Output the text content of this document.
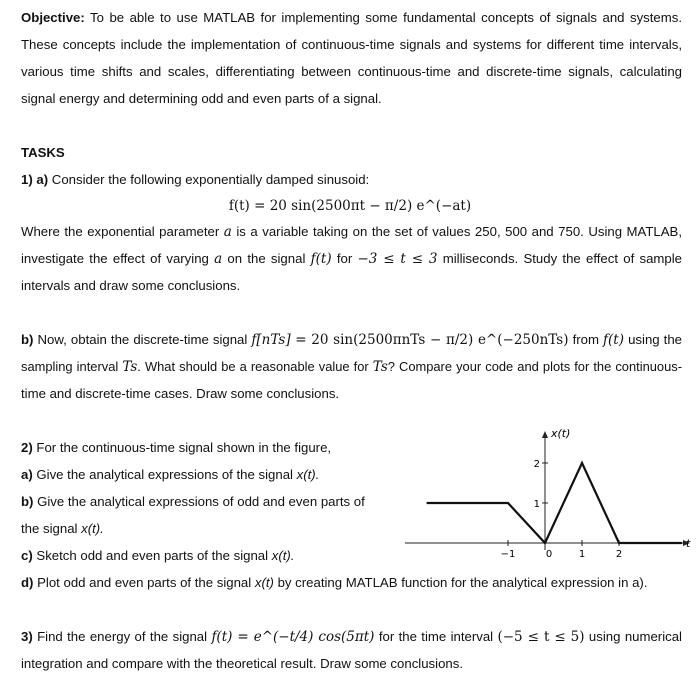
Objective: To be able to use MATLAB for implementing some fundamental concepts of signals and systems.
These concepts include the implementation of continuous-time signals and systems for different time intervals,
various time shifts and scales, differentiating between continuous-time and discrete-time signals, calculating
signal energy and determining odd and even parts of a signal.
TASKS
1) a) Consider the following exponentially damped sinusoid:
f(t) = 20 sin(2500πt − π/2) e^(−at)
Where the exponential parameter a is a variable taking on the set of values 250, 500 and 750. Using MATLAB,
investigate the effect of varying a on the signal f(t) for −3 ≤ t ≤ 3 milliseconds. Study the effect of sample
intervals and draw some conclusions.
b) Now, obtain the discrete-time signal f[nTs] = 20 sin(2500πnTs − π/2) e^(−250nTs) from f(t) using the
sampling interval Ts. What should be a reasonable value for Ts? Compare your code and plots for the continuous-
time and discrete-time cases. Draw some conclusions.
2) For the continuous-time signal shown in the figure,
a) Give the analytical expressions of the signal x(t).
b) Give the analytical expressions of odd and even parts of
the signal x(t).
c) Sketch odd and even parts of the signal x(t).
d) Plot odd and even parts of the signal x(t) by creating MATLAB function for the analytical expression in a).
3) Find the energy of the signal f(t) = e^(−t/4) cos(5πt) for the time interval (−5 ≤ t ≤ 5) using numerical
integration and compare with the theoretical result. Draw some conclusions.
x(t)
t
−1	0	1	2
1
2
